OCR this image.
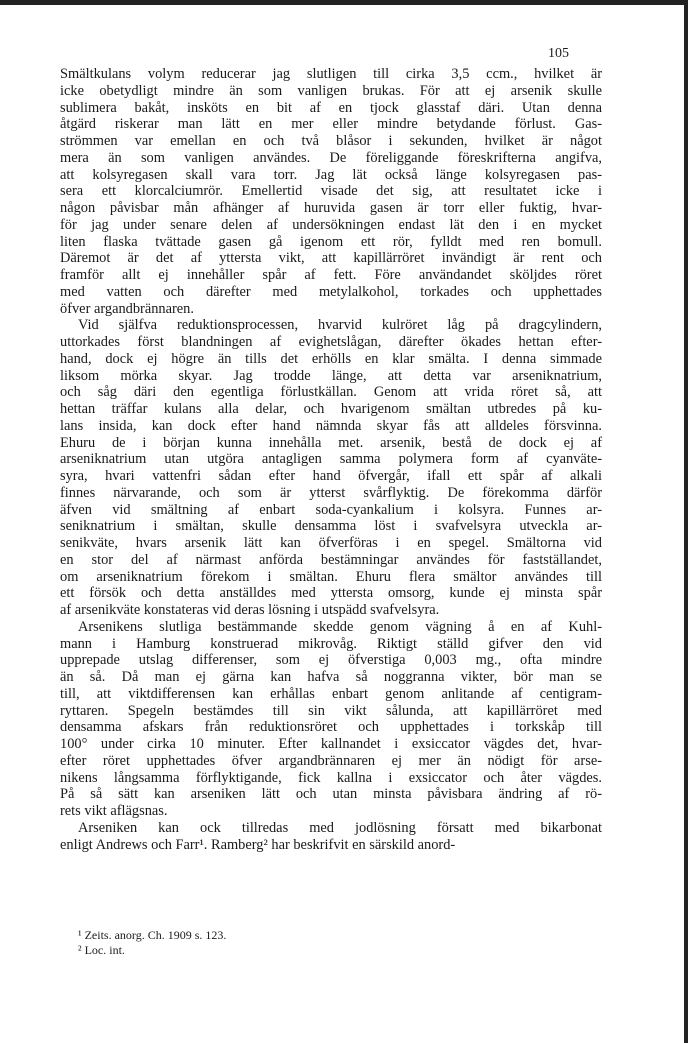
105

Smältkulans volym reducerar jag slutligen till cirka 3,5 ccm., hvilket är
icke obetydligt mindre än som vanligen brukas. För att ej arsenik skulle
sublimera bakåt, insköts en bit af en tjock glasstaf däri. Utan denna
åtgärd riskerar man lätt en mer eller mindre betydande förlust. Gas-
strömmen var emellan en och två blåsor i sekunden, hvilket är något
mera än som vanligen användes. De föreliggande föreskrifterna angifva,
att kolsyregasen skall vara torr. Jag lät också länge kolsyregasen pas-
sera ett klorcalciumrör. Emellertid visade det sig, att resultatet icke i
någon påvisbar mån afhänger af huruvida gasen är torr eller fuktig, hvar-
för jag under senare delen af undersökningen endast lät den i en mycket
liten flaska tvättade gasen gå igenom ett rör, fylldt med ren bomull.
Däremot är det af yttersta vikt, att kapillärröret invändigt är rent och
framför allt ej innehåller spår af fett. Före användandet sköljdes röret
med vatten och därefter med metylalkohol, torkades och upphettades
öfver argandbrännaren.

Vid själfva reduktionsprocessen, hvarvid kulröret låg på dragcylindern,
uttorkades först blandningen af evighetslågan, därefter ökades hettan efter-
hand, dock ej högre än tills det erhölls en klar smälta. I denna simmade
liksom mörka skyar. Jag trodde länge, att detta var arseniknatrium,
och såg däri den egentliga förlustkällan. Genom att vrida röret så, att
hettan träffar kulans alla delar, och hvarigenom smältan utbredes på ku-
lans insida, kan dock efter hand nämnda skyar fås att alldeles försvinna.
Ehuru de i början kunna innehålla met. arsenik, bestå de dock ej af
arseniknatrium utan utgöra antagligen samma polymera form af cyanväte-
syra, hvari vattenfri sådan efter hand öfvergår, ifall ett spår af alkali
finnes närvarande, och som är ytterst svårflyktig. De förekomma därför
äfven vid smältning af enbart soda-cyankalium i kolsyra. Funnes ar-
seniknatrium i smältan, skulle densamma löst i svafvelsyra utveckla ar-
senikväte, hvars arsenik lätt kan öfverföras i en spegel. Smältorna vid
en stor del af närmast anförda bestämningar användes för fastställandet,
om arseniknatrium förekom i smältan. Ehuru flera smältor användes till
ett försök och detta anställdes med yttersta omsorg, kunde ej minsta spår
af arsenikväte konstateras vid deras lösning i utspädd svafvelsyra.

Arsenikens slutliga bestämmande skedde genom vägning å en af Kuhl-
mann i Hamburg konstruerad mikrovåg. Riktigt ställd gifver den vid
upprepade utslag differenser, som ej öfverstiga 0,003 mg., ofta mindre
än så. Då man ej gärna kan hafva så noggranna vikter, bör man se
till, att viktdifferensen kan erhållas enbart genom anlitande af centigram-
ryttaren. Spegeln bestämdes till sin vikt sålunda, att kapillärröret med
densamma afskars från reduktionsröret och upphettades i torkskåp till
100° under cirka 10 minuter. Efter kallnandet i exsiccator vägdes det, hvar-
efter röret upphettades öfver argandbrännaren ej mer än nödigt för arse-
nikens långsamma förflyktigande, fick kallna i exsiccator och åter vägdes.
På så sätt kan arseniken lätt och utan minsta påvisbara ändring af rö-
rets vikt aflägsnas.

Arseniken kan ock tillredas med jodlösning försatt med bikarbonat
enligt Andrews och Farr¹. Ramberg² har beskrifvit en särskild anord-

¹ Zeits. anorg. Ch. 1909 s. 123.
² Loc. int.
